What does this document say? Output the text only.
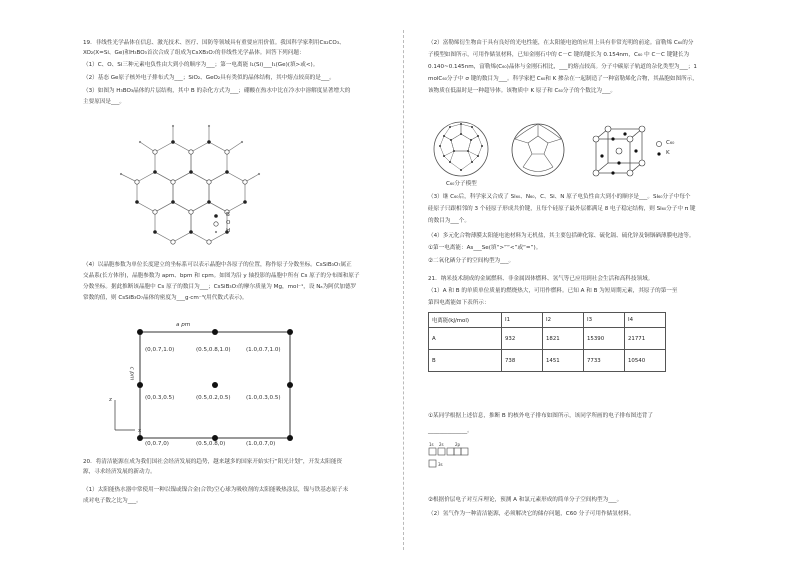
19．非线性光学晶体在信息、激光技术、医疗、国防等领域具有重要应用价值。我国科学家利用Cs₂CO₃、
XO₂(X=Si、Ge)和H₃BO₃首次合成了组成为CsXB₃O₇的非线性光学晶体。回答下列问题：
（1）C、O、Si三种元素电负性由大到小的顺序为___；第一电离能 I₁(Si)___I₁(Ge)(填>或<)。
（2）基态 Ge原子核外电子排布式为___；SiO₂、GeO₂具有类似的晶体结构，其中熔点较高的是___。
（3）如图为 H₃BO₃晶体的片层结构，其中 B 的杂化方式为___；硼酸在热水中比在冷水中溶解度显著增大的
主要原因是___。
B
O
H
（4）以晶胞参数为单位长度建立的坐标系可以表示晶胞中各原子的位置，称作原子分数坐标。CsSiB₃O₇属正
交晶系(长方体形)，晶胞参数为 apm、bpm 和 cpm。如图为沿 y 轴投影的晶胞中所有 Cs 原子的分布图和原子
分数坐标。据此推断该晶胞中 Cs 原子的数目为___；CsSiB₃O₇的摩尔质量为 Mg，mol⁻¹，设 Nₐ为阿伏加德罗
常数的值，则 CsSiB₃O₇晶体的密度为___g·cm⁻³(用代数式表示)。
a pm
c pm
z
x
(0,0.7,1.0)	(0.5,0.8,1.0)	(1.0,0.7,1.0)
(0,0.3,0.5)	(0.5,0.2,0.5)	(1.0,0.3,0.5)
(0,0.7,0)	(0.5,0.8,0)	(1.0,0.7,0)
20．将清洁能源在成为我们国社会经济发展的趋势，越来越多的国家开始实行“阳光计划”，开发太阳能资
源，寻求经济发展的新动力。
（1）太阳能热水器中常使用一种以镍或镍合金(合铁)空心球为吸收剂的太阳能吸热涂层，镍与铁基态原子未
成对电子数之比为___。
（2）富勒烯衍生物由于具有良好的光电性能，在太阳能电池的应用上具有非常光明的前途。富勒烯 C₆₀的分
子模型如图所示，可用作储氢材料，已知金刚石中的 C－C 键的键长为 0.154nm，C₆₀ 中 C－C 键键长为
0.140~0.145nm，富勒烯(C₆₀)晶体与金刚石相比，___的熔点较高。分子中碳原子轨道的杂化类型为___；1
molC₆₀分子中 σ 键的数目为___。科学家把 C₆₀和 K 掺杂在一起制造了一种富勒烯化合物，其晶胞如图所示，
该物质在低温时是一种超导体。该物质中 K 原子和 C₆₀分子的个数比为___。
C₆₀分子模型
C₆₀
K
（3）继 C₆₀后，科学家又合成了 Si₆₀、N₆₀，C、Si、N 原子电负性由大到小的顺序是___。Si₆₀分子中每个
硅原子只跟相邻的 3 个硅原子形成共价键，且每个硅原子最外层都满足 8 电子稳定结构，则 Si₆₀分子中 π 键
的数目为___个。
（4）多元化合物薄膜太阳能电池材料为无机盐，其主要包括砷化镓、硫化镉、硫化锌及铜铟硒薄膜电池等。
①第一电离能：As___Se(填“>”“<”或“=”)。
②二氧化硒分子的空间构型为___。
21．纳米技术制成的金属燃料、非金属固体燃料、氢气等已应用到社会生活和高科技领域。
（1）A 和 B 的单质单位质量的燃烧热大，可用作燃料。已知 A 和 B 为短周期元素，其原子的第一至
第四电离能如下表所示：
电离能(kJ/mol)	I1	I2	I3	I4
A	932	1821	15390	21771
B	738	1451	7733	10540
①某同学根据上述信息，推断 B 的核外电子排布如图所示，该同学所画的电子排布图违背了
______________。
1s 2s	2p
3s
②根据价层电子对互斥理论，预测 A 和氯元素形成的简单分子空间构型为___。
（2）氢气作为一种清洁能源，必须解决它的储存问题，C60 分子可用作储氢材料。
